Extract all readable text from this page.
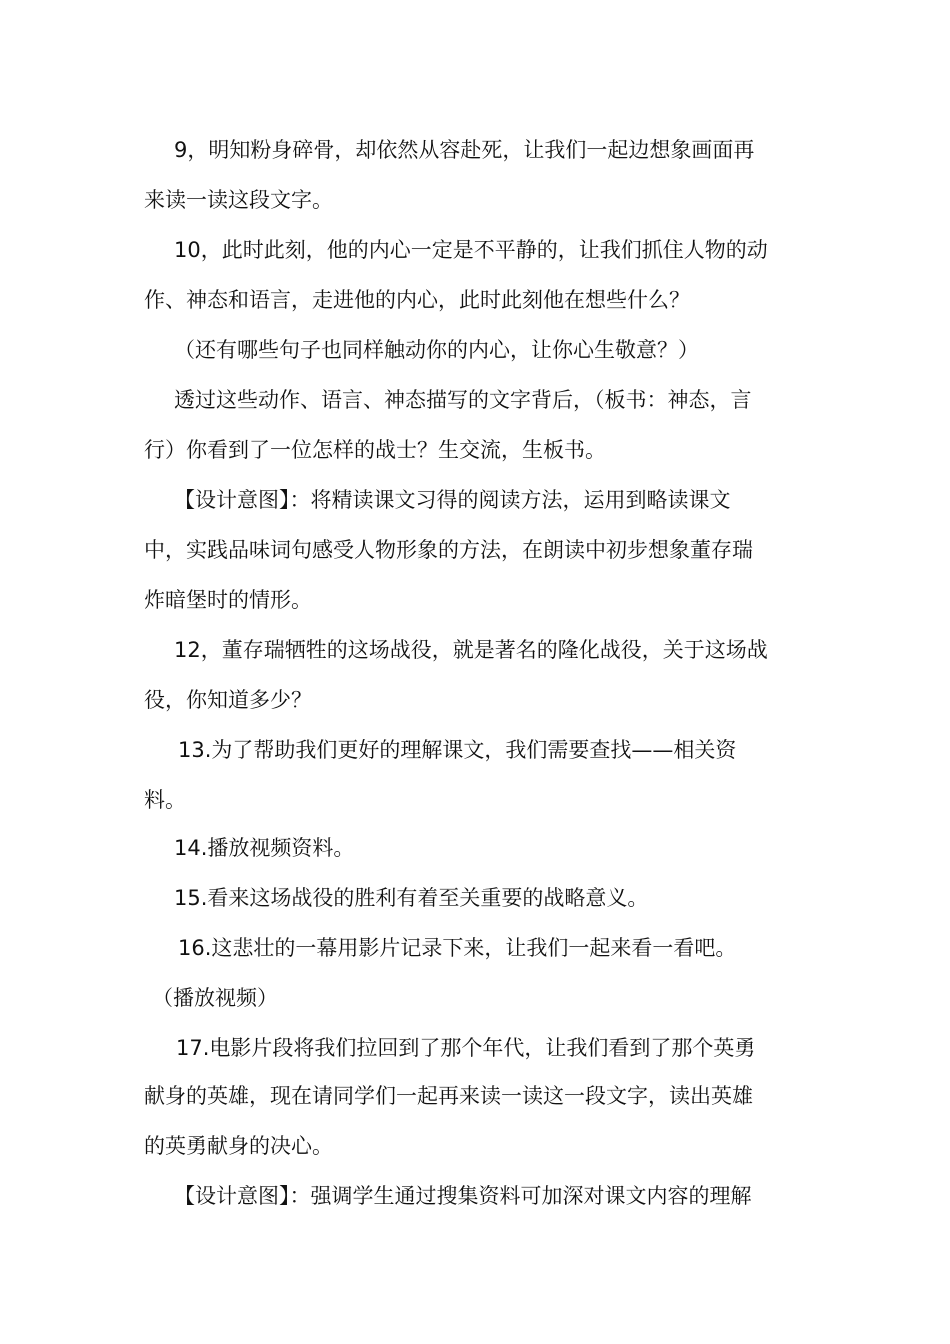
9，明知粉身碎骨，却依然从容赴死，让我们一起边想象画面再
来读一读这段文字。
10，此时此刻，他的内心一定是不平静的，让我们抓住人物的动
作、神态和语言，走进他的内心，此时此刻他在想些什么？
（还有哪些句子也同样触动你的内心，让你心生敬意？）
透过这些动作、语言、神态描写的文字背后，（板书：神态，言
行）你看到了一位怎样的战士？生交流，生板书。
【设计意图】：将精读课文习得的阅读方法，运用到略读课文
中，实践品味词句感受人物形象的方法，在朗读中初步想象董存瑞
炸暗堡时的情形。
12，董存瑞牺牲的这场战役，就是著名的隆化战役，关于这场战
役，你知道多少？
13.为了帮助我们更好的理解课文，我们需要查找——相关资
料。
14.播放视频资料。
15.看来这场战役的胜利有着至关重要的战略意义。
16.这悲壮的一幕用影片记录下来，让我们一起来看一看吧。
（播放视频）
17.电影片段将我们拉回到了那个年代，让我们看到了那个英勇
献身的英雄，现在请同学们一起再来读一读这一段文字，读出英雄
的英勇献身的决心。
【设计意图】：强调学生通过搜集资料可加深对课文内容的理解
